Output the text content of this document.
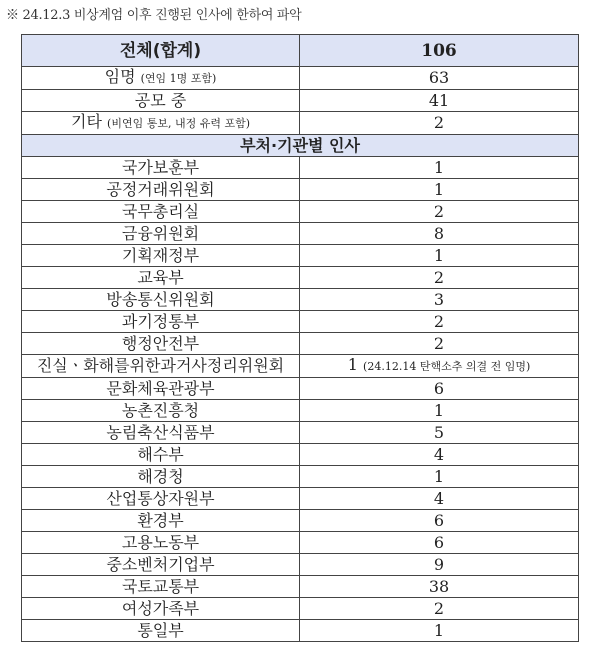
※ 24.12.3 비상계엄 이후 진행된 인사에 한하여 파악
전체(합계)	106
임명 (연임 1명 포함)	63
공모 중	41
기타 (비연임 통보, 내정 유력 포함)	2
부처·기관별 인사	
국가보훈부	1
공정거래위원회	1
국무총리실	2
금융위원회	8
기획재정부	1
교육부	2
방송통신위원회	3
과기정통부	2
행정안전부	2
진실ㆍ화해를위한과거사정리위원회	1 (24.12.14 탄핵소추 의결 전 임명)
문화체육관광부	6
농촌진흥청	1
농림축산식품부	5
해수부	4
해경청	1
산업통상자원부	4
환경부	6
고용노동부	6
중소벤처기업부	9
국토교통부	38
여성가족부	2
통일부	1
